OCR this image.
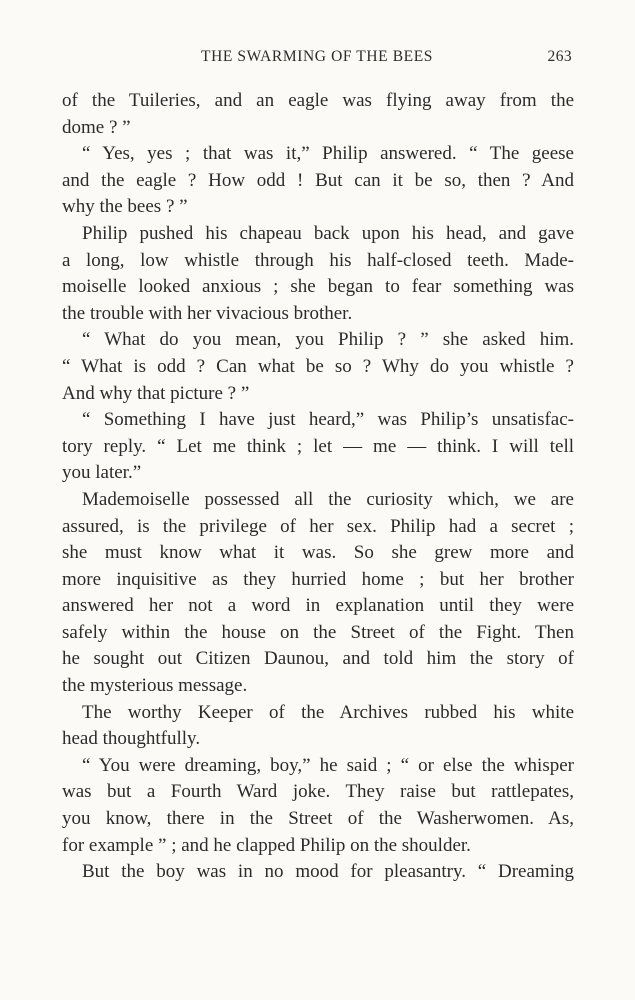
THE SWARMING OF THE BEES	263
of the Tuileries, and an eagle was flying away from the
dome ? ”
“ Yes, yes ; that was it,” Philip answered. “ The geese
and the eagle ? How odd ! But can it be so, then ? And
why the bees ? ”
Philip pushed his chapeau back upon his head, and gave
a long, low whistle through his half-closed teeth. Made-
moiselle looked anxious ; she began to fear something was
the trouble with her vivacious brother.
“ What do you mean, you Philip ? ” she asked him.
“ What is odd ? Can what be so ? Why do you whistle ?
And why that picture ? ”
“ Something I have just heard,” was Philip’s unsatisfac-
tory reply. “ Let me think ; let — me — think. I will tell
you later.”
Mademoiselle possessed all the curiosity which, we are
assured, is the privilege of her sex. Philip had a secret ;
she must know what it was. So she grew more and
more inquisitive as they hurried home ; but her brother
answered her not a word in explanation until they were
safely within the house on the Street of the Fight. Then
he sought out Citizen Daunou, and told him the story of
the mysterious message.
The worthy Keeper of the Archives rubbed his white
head thoughtfully.
“ You were dreaming, boy,” he said ; “ or else the whisper
was but a Fourth Ward joke. They raise but rattlepates,
you know, there in the Street of the Washerwomen. As,
for example ” ; and he clapped Philip on the shoulder.
But the boy was in no mood for pleasantry. “ Dreaming
